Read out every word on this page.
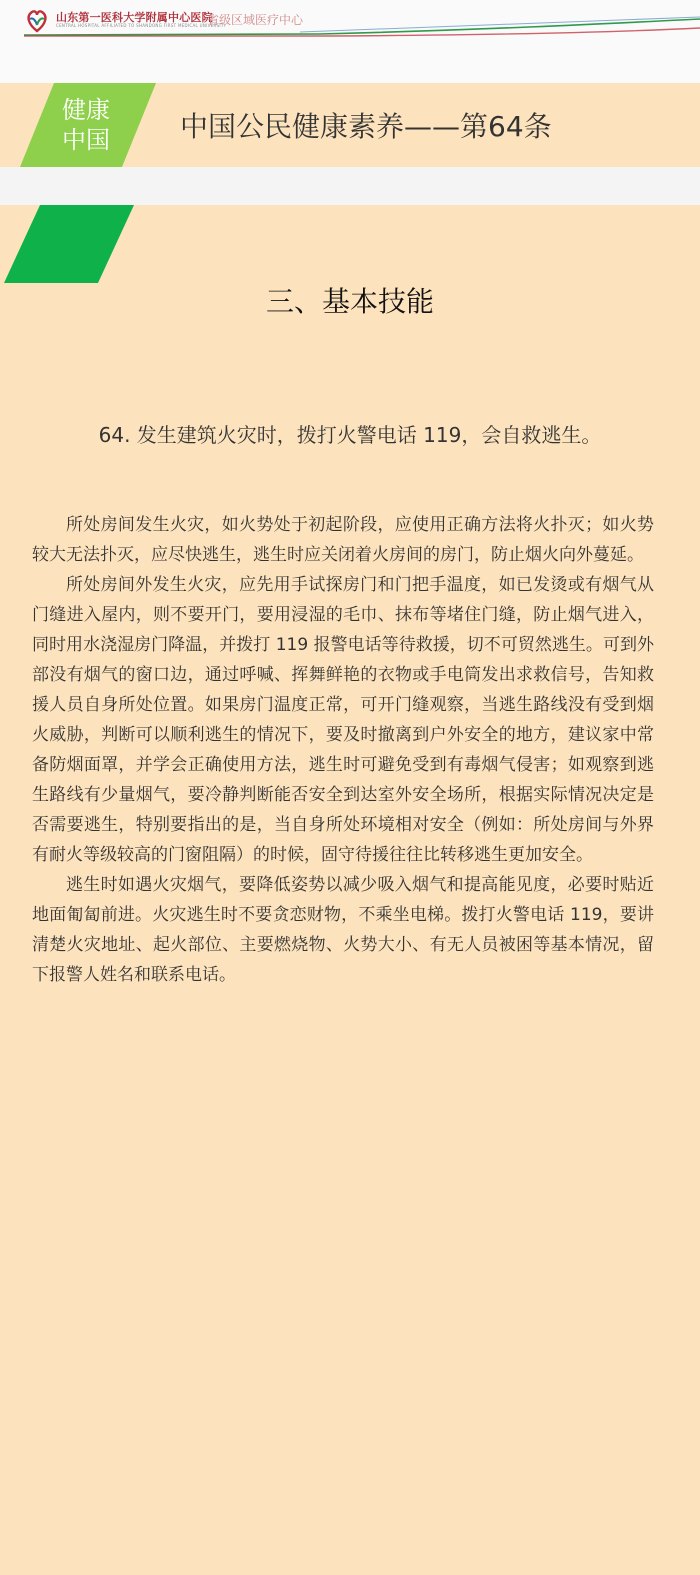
山东第一医科大学附属中心医院
CENTRAL HOSPITAL AFFILIATED TO SHANDONG FIRST MEDICAL UNIVERSITY
省级区域医疗中心
健康
中国	中国公民健康素养——第64条
三、基本技能
64. 发生建筑火灾时，拨打火警电话 119，会自救逃生。

所处房间发生火灾，如火势处于初起阶段，应使用正确方法将火扑灭；如火势较大无法扑灭，应尽快逃生，逃生时应关闭着火房间的房门，防止烟火向外蔓延。

所处房间外发生火灾，应先用手试探房门和门把手温度，如已发烫或有烟气从门缝进入屋内，则不要开门，要用浸湿的毛巾、抹布等堵住门缝，防止烟气进入，同时用水浇湿房门降温，并拨打 119 报警电话等待救援，切不可贸然逃生。可到外部没有烟气的窗口边，通过呼喊、挥舞鲜艳的衣物或手电筒发出求救信号，告知救援人员自身所处位置。如果房门温度正常，可开门缝观察，当逃生路线没有受到烟火威胁，判断可以顺利逃生的情况下，要及时撤离到户外安全的地方，建议家中常备防烟面罩，并学会正确使用方法，逃生时可避免受到有毒烟气侵害；如观察到逃生路线有少量烟气，要冷静判断能否安全到达室外安全场所，根据实际情况决定是否需要逃生，特别要指出的是，当自身所处环境相对安全（例如：所处房间与外界有耐火等级较高的门窗阻隔）的时候，固守待援往往比转移逃生更加安全。

逃生时如遇火灾烟气，要降低姿势以减少吸入烟气和提高能见度，必要时贴近地面匍匐前进。火灾逃生时不要贪恋财物，不乘坐电梯。拨打火警电话 119，要讲清楚火灾地址、起火部位、主要燃烧物、火势大小、有无人员被困等基本情况，留下报警人姓名和联系电话。
